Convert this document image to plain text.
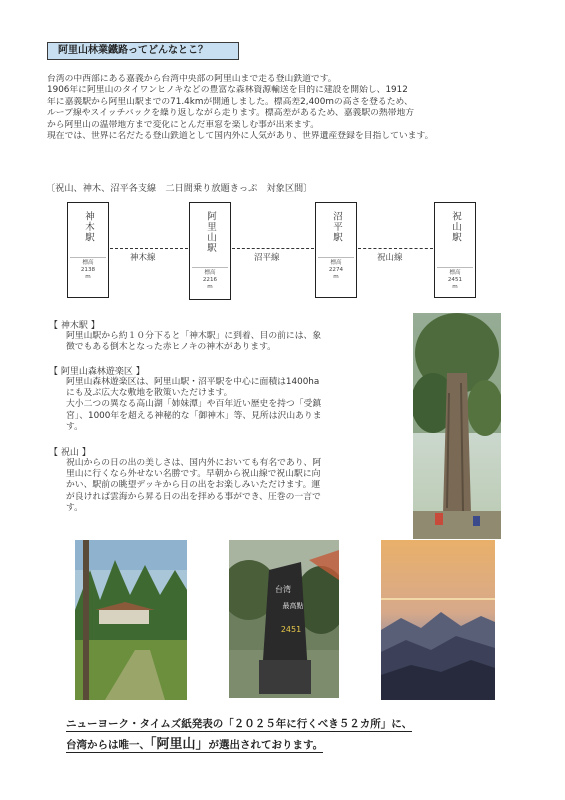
阿里山林業鐵路ってどんなとこ？

台湾の中西部にある嘉義から台湾中央部の阿里山まで走る登山鉄道です。

1906年に阿里山のタイワンヒノキなどの豊富な森林資源輸送を目的に建設を開始し、1912

年に嘉義駅から阿里山駅までの71.4kmが開通しました。標高差2,400mの高さを登るため、

ループ線やスイッチバックを繰り返しながら走ります。標高差があるため、嘉義駅の熱帯地方

から阿里山の温帯地方まで変化にとんだ車窓を楽しむ事が出来ます。

現在では、世界に名だたる登山鉄道として国内外に人気があり、世界遺産登録を目指しています。

〔祝山、神木、沼平各支線　二日間乗り放題きっぷ　対象区間〕
神木駅
標高
2138
m
阿里山駅
標高
2216
m
沼平駅
標高
2274
m
祝山駅
標高
2451
m
神木線	沼平線	祝山線
【 神木駅 】

阿里山駅から約１０分下ると「神木駅」に到着、目の前には、象

徴でもある倒木となった赤ヒノキの神木があります。

【 阿里山森林遊楽区 】

阿里山森林遊楽区は、阿里山駅・沼平駅を中心に面積は1400ha

にも及ぶ広大な敷地を散策いただけます。

大小二つの異なる高山湖「姉妹潭」や百年近い歴史を持つ「受鎮

宮」、1000年を超える神秘的な「御神木」等、見所は沢山ありま

す。

【 祝山 】

祝山からの日の出の美しさは、国内外においても有名であり、阿

里山に行くなら外せない名勝です。早朝から祝山線で祝山駅に向

かい、駅前の眺望デッキから日の出をお楽しみいただけます。運

が良ければ雲海から昇る日の出を拝める事ができ、圧巻の一言で

す。

台湾
最高點
2451
ニューヨーク・タイムズ紙発表の「２０２５年に行くべき５２カ所」に、
台湾からは唯一、「阿里山」が選出されております。
